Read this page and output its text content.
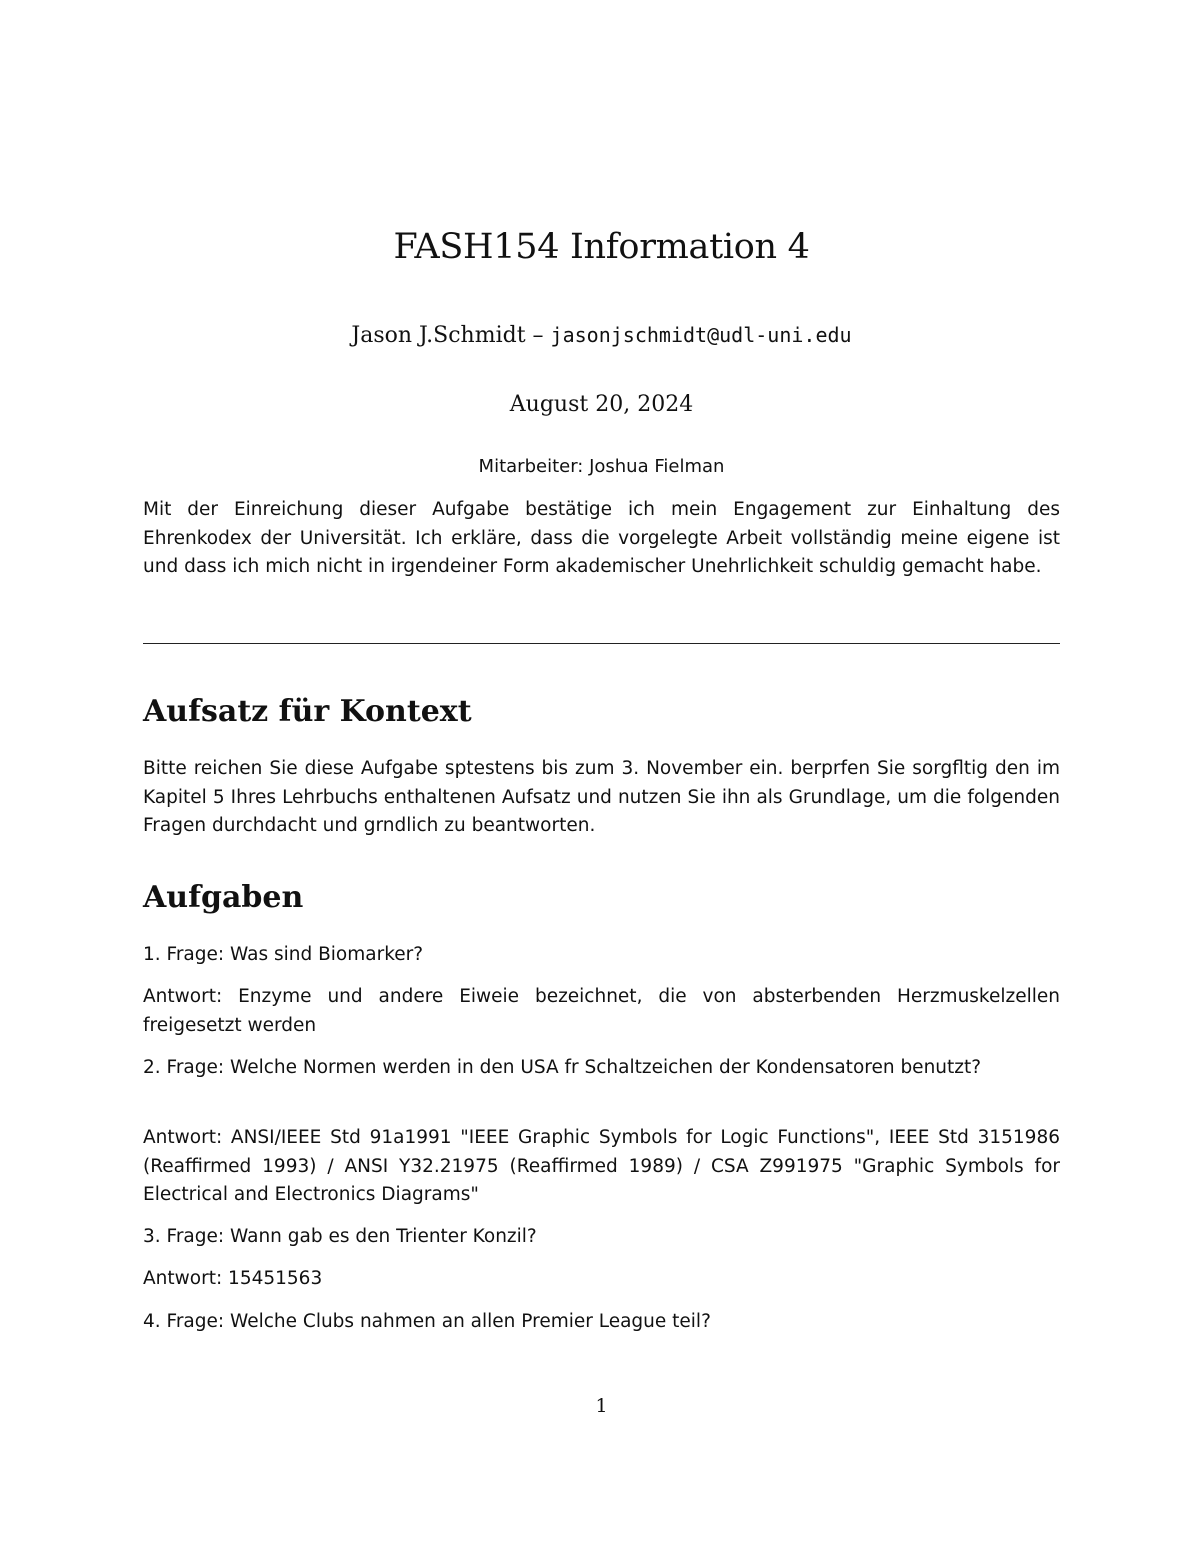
FASH154 Information 4
Jason J.Schmidt – jasonjschmidt@udl-uni.edu
August 20, 2024
Mitarbeiter: Joshua Fielman

Mit der Einreichung dieser Aufgabe bestätige ich mein Engagement zur Einhaltung des Ehrenkodex der Universität. Ich erkläre, dass die vorgelegte Arbeit vollständig meine eigene ist und dass ich mich nicht in irgendeiner Form akademischer Unehrlichkeit schuldig gemacht habe.

Aufsatz für Kontext

Bitte reichen Sie diese Aufgabe sptestens bis zum 3. November ein. berprfen Sie sorgfltig den im Kapitel 5 Ihres Lehrbuchs enthaltenen Aufsatz und nutzen Sie ihn als Grundlage, um die folgenden Fragen durchdacht und grndlich zu beantworten.

Aufgaben

1. Frage: Was sind Biomarker?

Antwort: Enzyme und andere Eiweie bezeichnet, die von absterbenden Herzmuskelzellen freigesetzt werden

2. Frage: Welche Normen werden in den USA fr Schaltzeichen der Kondensatoren benutzt?

Antwort: ANSI/IEEE Std 91a1991 "IEEE Graphic Symbols for Logic Functions", IEEE Std 3151986 (Reaffirmed 1993) / ANSI Y32.21975 (Reaffirmed 1989) / CSA Z991975 "Graphic Symbols for Electrical and Electronics Diagrams"

3. Frage: Wann gab es den Trienter Konzil?

Antwort: 15451563

4. Frage: Welche Clubs nahmen an allen Premier League teil?

1
